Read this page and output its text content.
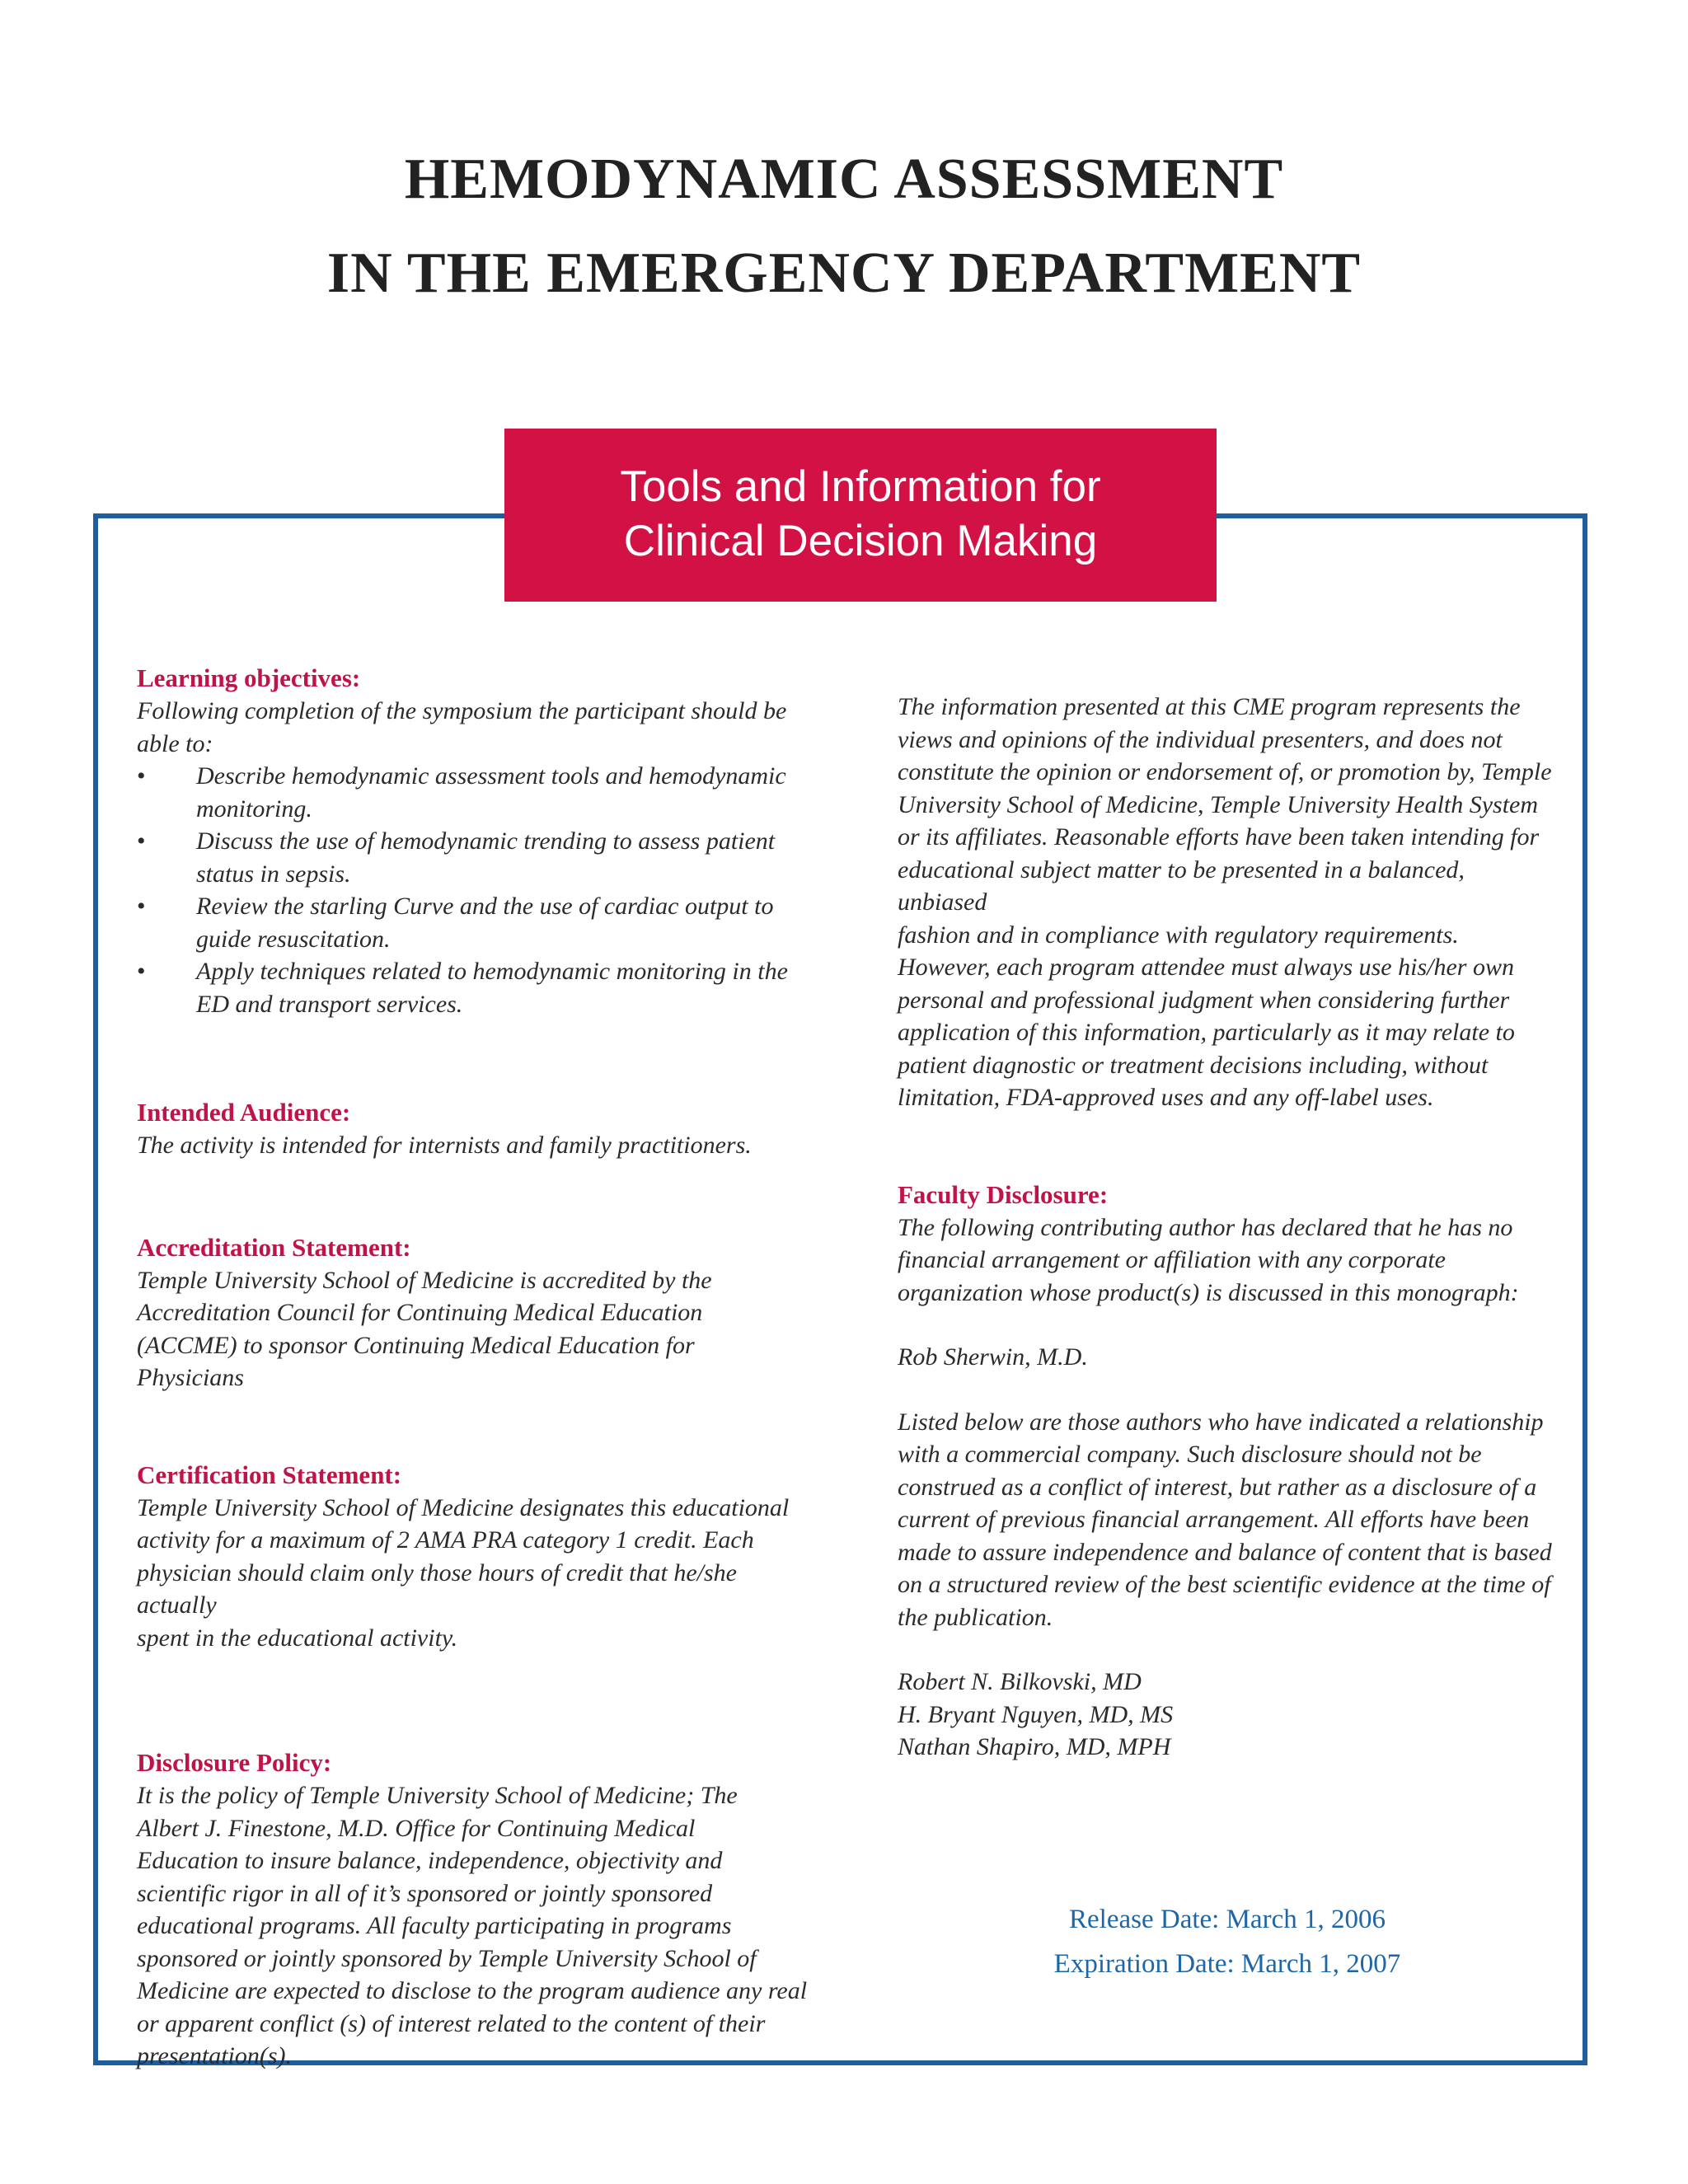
HEMODYNAMIC ASSESSMENT
IN THE EMERGENCY DEPARTMENT
Tools and Information for
Clinical Decision Making
Learning objectives:
Following completion of the symposium the participant should be
able to:
• Describe hemodynamic assessment tools and hemodynamic
monitoring.
• Discuss the use of hemodynamic trending to assess patient
status in sepsis.
• Review the starling Curve and the use of cardiac output to
guide resuscitation.
• Apply techniques related to hemodynamic monitoring in the
ED and transport services.
Intended Audience:
The activity is intended for internists and family practitioners.
Accreditation Statement:
Temple University School of Medicine is accredited by the
Accreditation Council for Continuing Medical Education
(ACCME) to sponsor Continuing Medical Education for
Physicians
Certification Statement:
Temple University School of Medicine designates this educational
activity for a maximum of 2 AMA PRA category 1 credit. Each
physician should claim only those hours of credit that he/she actually
spent in the educational activity.
Disclosure Policy:
It is the policy of Temple University School of Medicine; The
Albert J. Finestone, M.D. Office for Continuing Medical
Education to insure balance, independence, objectivity and
scientific rigor in all of it’s sponsored or jointly sponsored
educational programs. All faculty participating in programs
sponsored or jointly sponsored by Temple University School of
Medicine are expected to disclose to the program audience any real
or apparent conflict (s) of interest related to the content of their
presentation(s).
The information presented at this CME program represents the
views and opinions of the individual presenters, and does not
constitute the opinion or endorsement of, or promotion by, Temple
University School of Medicine, Temple University Health System
or its affiliates. Reasonable efforts have been taken intending for
educational subject matter to be presented in a balanced, unbiased
fashion and in compliance with regulatory requirements.
However, each program attendee must always use his/her own
personal and professional judgment when considering further
application of this information, particularly as it may relate to
patient diagnostic or treatment decisions including, without
limitation, FDA-approved uses and any off-label uses.
Faculty Disclosure:
The following contributing author has declared that he has no
financial arrangement or affiliation with any corporate
organization whose product(s) is discussed in this monograph:
Rob Sherwin, M.D.
Listed below are those authors who have indicated a relationship
with a commercial company. Such disclosure should not be
construed as a conflict of interest, but rather as a disclosure of a
current of previous financial arrangement. All efforts have been
made to assure independence and balance of content that is based
on a structured review of the best scientific evidence at the time of
the publication.
Robert N. Bilkovski, MD
H. Bryant Nguyen, MD, MS
Nathan Shapiro, MD, MPH
Release Date: March 1, 2006
Expiration Date: March 1, 2007
